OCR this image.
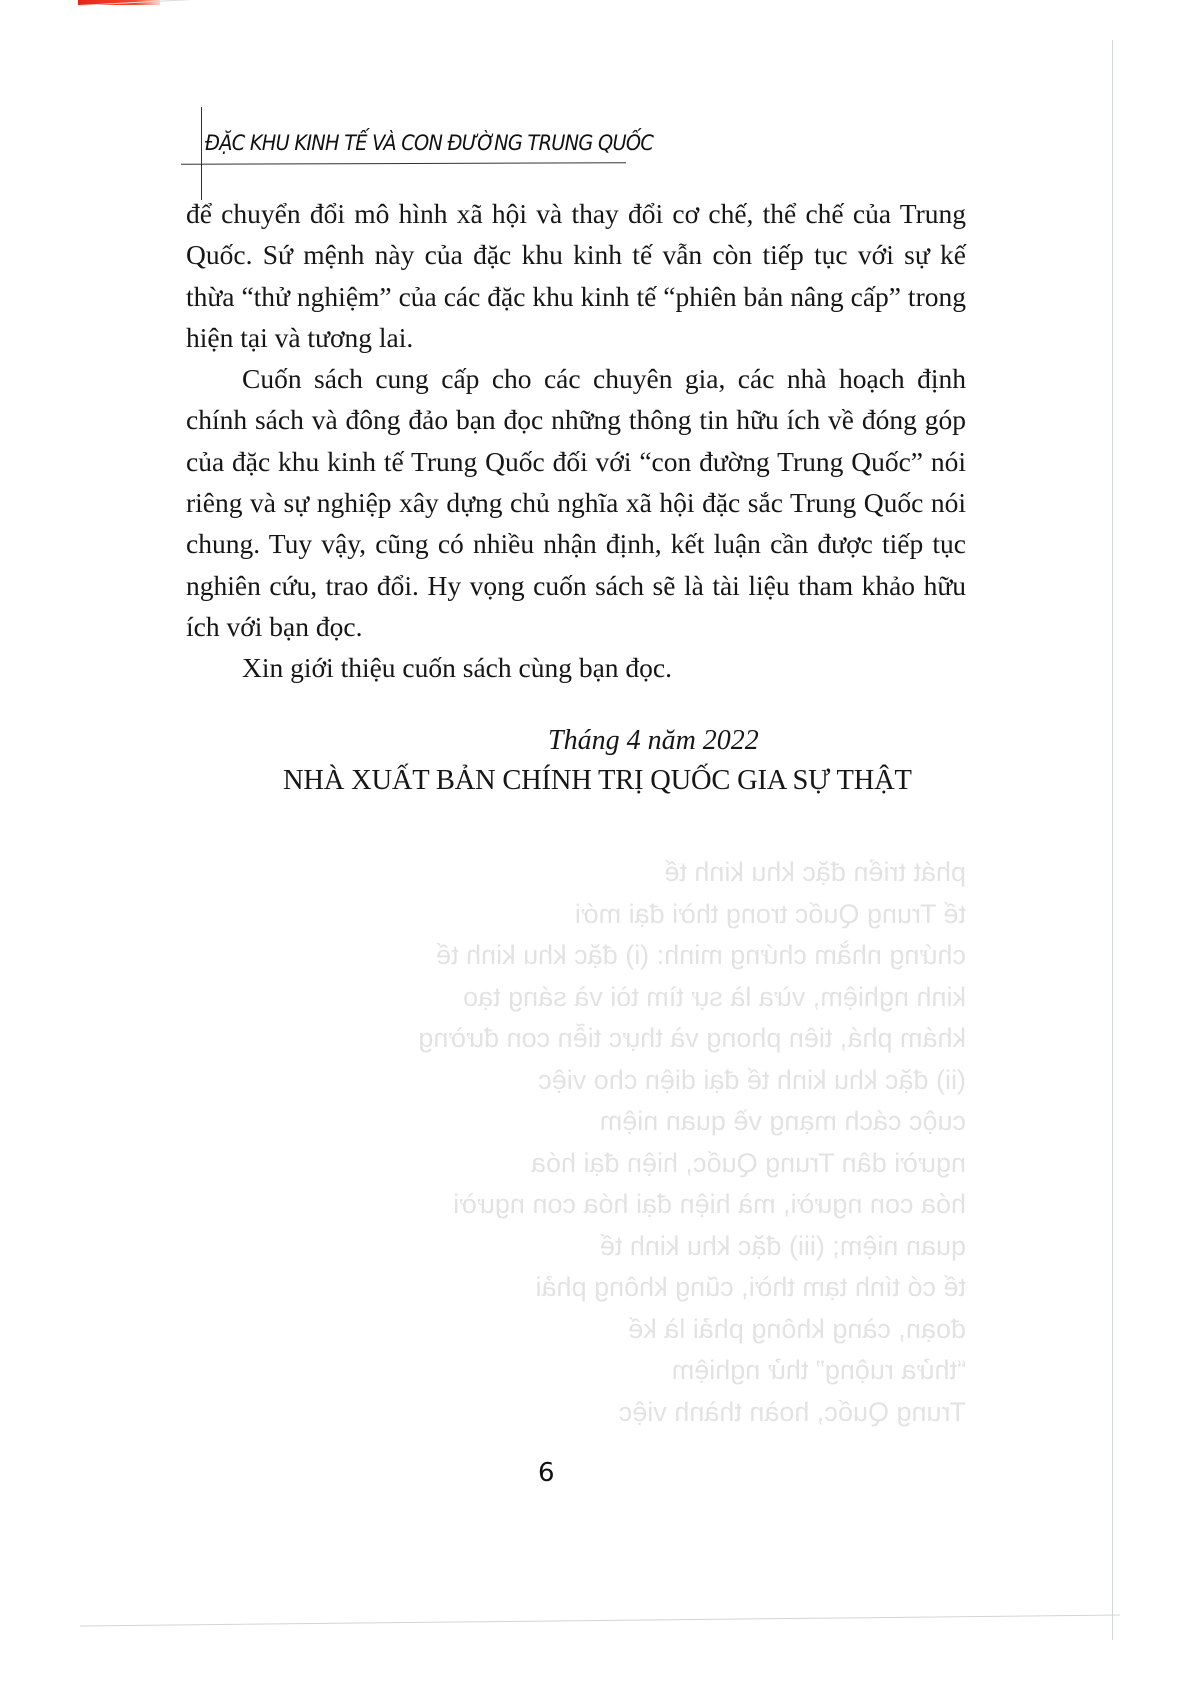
phát triển đặc khu kinh tế
tế Trung Quốc trong thời đại mới
chứng nhằm chứng minh: (i) đặc khu kinh tế
kinh nghiệm, vừa là sự tìm tòi và sáng tạo
khám phá, tiên phong và thực tiễn con đường
(ii) đặc khu kinh tế đại diện cho việc
cuộc cách mạng về quan niệm
người dân Trung Quốc, hiện đại hóa
hóa con người, mà hiện đại hóa con người
quan niệm; (iii) đặc khu kinh tế
tế có tính tạm thời, cũng không phải
đoạn, càng không phải là kế
“thửa ruộng” thử nghiệm
Trung Quốc, hoàn thành việc
ĐẶC KHU KINH TẾ VÀ CON ĐƯỜNG TRUNG QUỐC

để chuyển đổi mô hình xã hội và thay đổi cơ chế, thể chế của Trung Quốc. Sứ mệnh này của đặc khu kinh tế vẫn còn tiếp tục với sự kế thừa “thử nghiệm” của các đặc khu kinh tế “phiên bản nâng cấp” trong hiện tại và tương lai.

Cuốn sách cung cấp cho các chuyên gia, các nhà hoạch định chính sách và đông đảo bạn đọc những thông tin hữu ích về đóng góp của đặc khu kinh tế Trung Quốc đối với “con đường Trung Quốc” nói riêng và sự nghiệp xây dựng chủ nghĩa xã hội đặc sắc Trung Quốc nói chung. Tuy vậy, cũng có nhiều nhận định, kết luận cần được tiếp tục nghiên cứu, trao đổi. Hy vọng cuốn sách sẽ là tài liệu tham khảo hữu ích với bạn đọc.

Xin giới thiệu cuốn sách cùng bạn đọc.

Tháng 4 năm 2022
NHÀ XUẤT BẢN CHÍNH TRỊ QUỐC GIA SỰ THẬT
6
